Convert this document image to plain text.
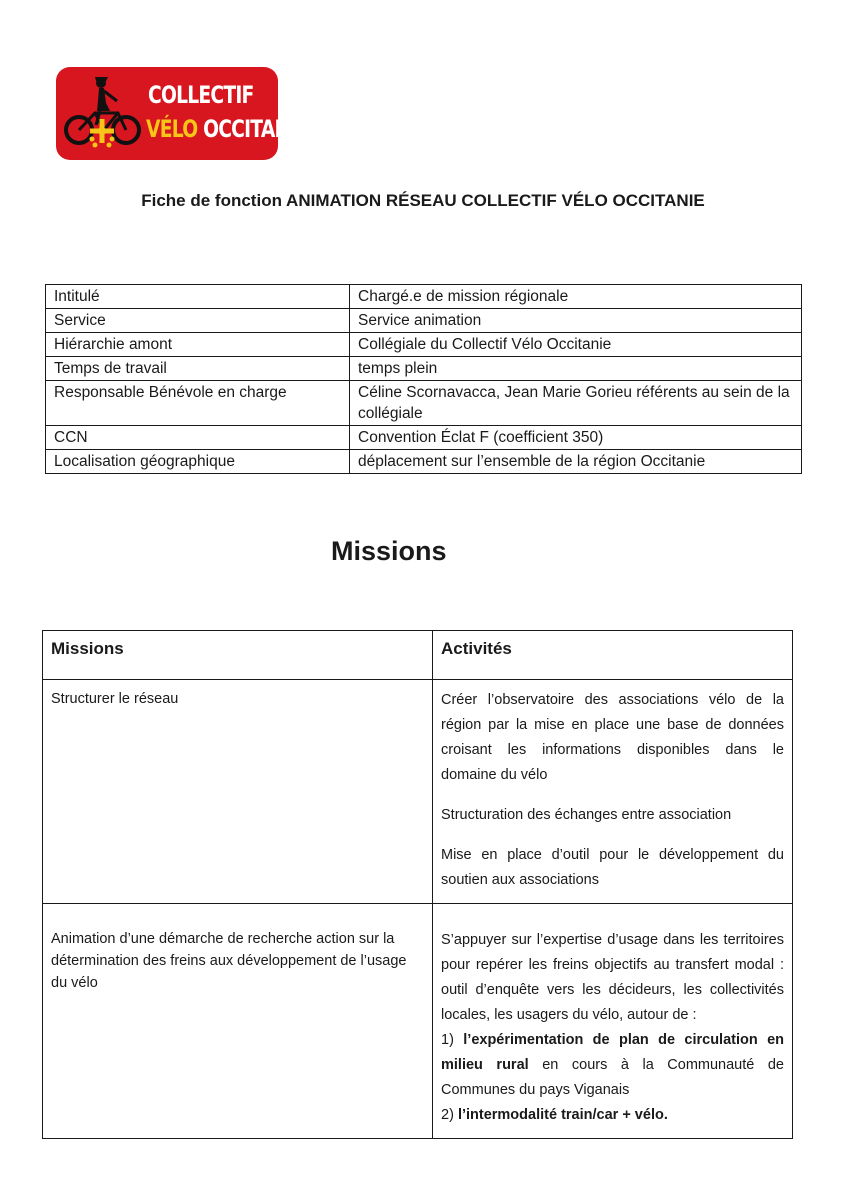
COLLECTIF
VÉLO OCCITANIE
Fiche de fonction ANIMATION RÉSEAU COLLECTIF VÉLO OCCITANIE
Intitulé	Chargé.e de mission régionale
Service	Service animation
Hiérarchie amont	Collégiale du Collectif Vélo Occitanie
Temps de travail	temps plein
Responsable Bénévole en charge	Céline Scornavacca, Jean Marie Gorieu référents au sein de la collégiale
CCN	Convention Éclat F (coefficient 350)
Localisation géographique	déplacement sur l’ensemble de la région Occitanie
Missions
Missions	Activités
Structurer le réseau	Créer l’observatoire des associations vélo de la région par la mise en place une base de données croisant les informations disponibles dans le domaine du vélo

Structuration des échanges entre association

Mise en place d’outil pour le développement du soutien aux associations

Animation d’une démarche de recherche action sur la détermination des freins aux développement de l’usage du vélo	S’appuyer sur l’expertise d’usage dans les territoires pour repérer les freins objectifs au transfert modal : outil d’enquête vers les décideurs, les collectivités locales, les usagers du vélo, autour de :

1) l’expérimentation de plan de circulation en milieu rural en cours à la Communauté de Communes du pays Viganais

2) l’intermodalité train/car + vélo.
